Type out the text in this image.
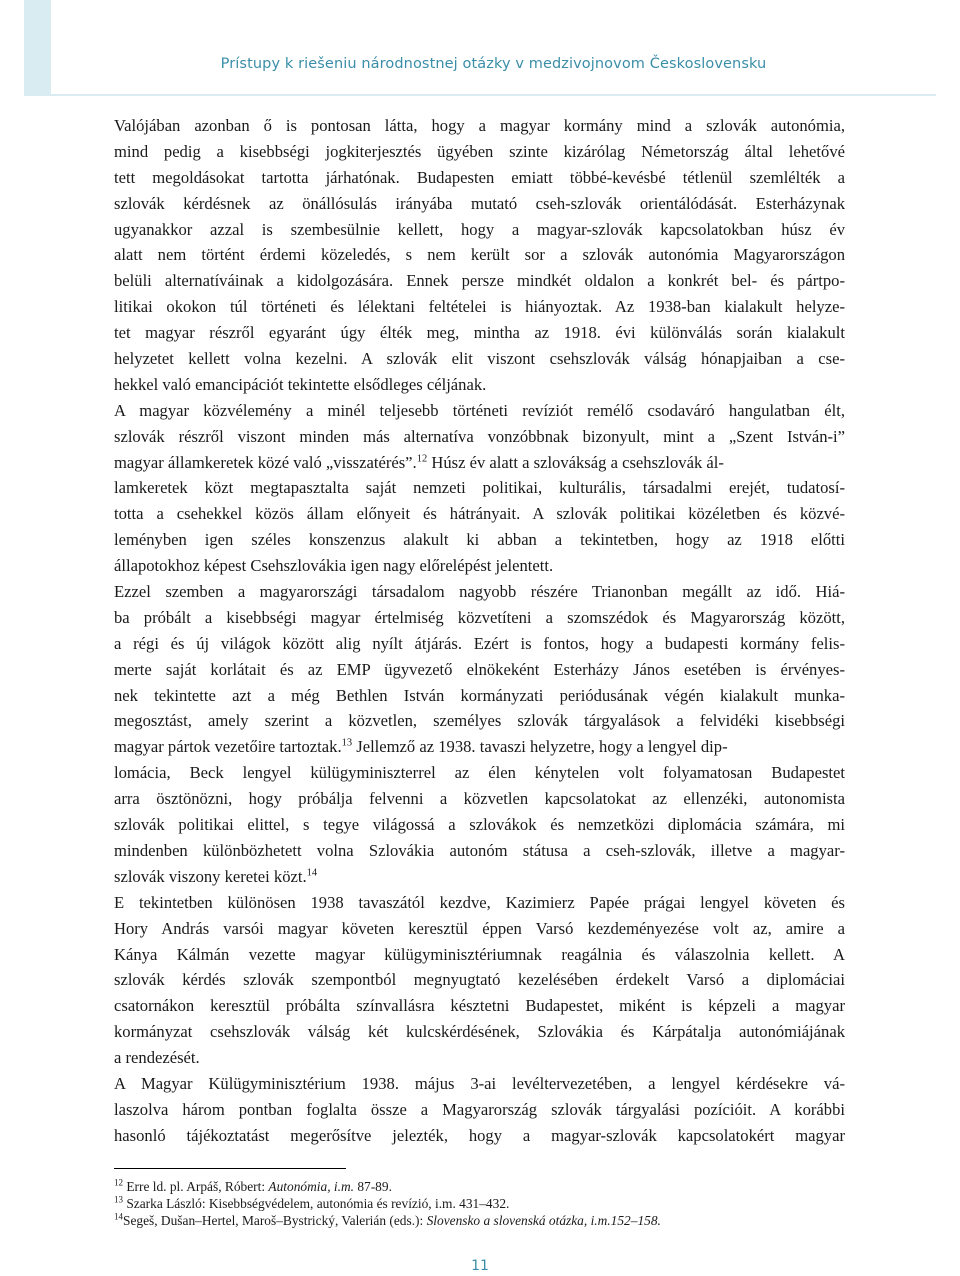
Prístupy k riešeniu národnostnej otázky v medzivojnovom Československu
Valójában azonban ő is pontosan látta, hogy a magyar kormány mind a szlovák autonómia,
mind pedig a kisebbségi jogkiterjesztés ügyében szinte kizárólag Németország által lehetővé
tett megoldásokat tartotta járhatónak. Budapesten emiatt többé-kevésbé tétlenül szemlélték a
szlovák kérdésnek az önállósulás irányába mutató cseh-szlovák orientálódását. Esterházynak
ugyanakkor azzal is szembesülnie kellett, hogy a magyar-szlovák kapcsolatokban húsz év
alatt nem történt érdemi közeledés, s nem került sor a szlovák autonómia Magyarországon
belüli alternatíváinak a kidolgozására. Ennek persze mindkét oldalon a konkrét bel- és pártpo-
litikai okokon túl történeti és lélektani feltételei is hiányoztak. Az 1938-ban kialakult helyze-
tet magyar részről egyaránt úgy élték meg, mintha az 1918. évi különválás során kialakult
helyzetet kellett volna kezelni. A szlovák elit viszont csehszlovák válság hónapjaiban a cse-
hekkel való emancipációt tekintette elsődleges céljának.
A magyar közvélemény a minél teljesebb történeti revíziót remélő csodaváró hangulatban élt,
szlovák részről viszont minden más alternatíva vonzóbbnak bizonyult, mint a „Szent István-i”
magyar államkeretek közé való „visszatérés”.$^{12}$ Húsz év alatt a szlovákság a csehszlovák ál-
lamkeretek közt megtapasztalta saját nemzeti politikai, kulturális, társadalmi erejét, tudatosí-
totta a csehekkel közös állam előnyeit és hátrányait. A szlovák politikai közéletben és közvé-
leményben igen széles konszenzus alakult ki abban a tekintetben, hogy az 1918 előtti
állapotokhoz képest Csehszlovákia igen nagy előrelépést jelentett.
Ezzel szemben a magyarországi társadalom nagyobb részére Trianonban megállt az idő. Hiá-
ba próbált a kisebbségi magyar értelmiség közvetíteni a szomszédok és Magyarország között,
a régi és új világok között alig nyílt átjárás. Ezért is fontos, hogy a budapesti kormány felis-
merte saját korlátait és az EMP ügyvezető elnökeként Esterházy János esetében is érvényes-
nek tekintette azt a még Bethlen István kormányzati periódusának végén kialakult munka-
megosztást, amely szerint a közvetlen, személyes szlovák tárgyalások a felvidéki kisebbségi
magyar pártok vezetőire tartoztak.$^{13}$ Jellemző az 1938. tavaszi helyzetre, hogy a lengyel dip-
lomácia, Beck lengyel külügyminiszterrel az élen kénytelen volt folyamatosan Budapestet
arra ösztönözni, hogy próbálja felvenni a közvetlen kapcsolatokat az ellenzéki, autonomista
szlovák politikai elittel, s tegye világossá a szlovákok és nemzetközi diplomácia számára, mi
mindenben különbözhetett volna Szlovákia autonóm státusa a cseh-szlovák, illetve a magyar-
szlovák viszony keretei közt.$^{14}$
E tekintetben különösen 1938 tavaszától kezdve, Kazimierz Papée prágai lengyel követen és
Hory András varsói magyar követen keresztül éppen Varsó kezdeményezése volt az, amire a
Kánya Kálmán vezette magyar külügyminisztériumnak reagálnia és válaszolnia kellett. A
szlovák kérdés szlovák szempontból megnyugtató kezelésében érdekelt Varsó a diplomáciai
csatornákon keresztül próbálta színvallásra késztetni Budapestet, miként is képzeli a magyar
kormányzat csehszlovák válság két kulcskérdésének, Szlovákia és Kárpátalja autonómiájának
a rendezését.
A Magyar Külügyminisztérium 1938. május 3-ai levéltervezetében, a lengyel kérdésekre vá-
laszolva három pontban foglalta össze a Magyarország szlovák tárgyalási pozícióit. A korábbi
hasonló tájékoztatást megerősítve jelezték, hogy a magyar-szlovák kapcsolatokért magyar
$^{12}$ Erre ld. pl. Arpáš, Róbert: Autonómia, i.m. 87-89.
$^{13}$ Szarka László: Kisebbségvédelem, autonómia és revízió, i.m. 431–432.
$^{14}$Segeš, Dušan–Hertel, Maroš–Bystrický, Valerián (eds.): Slovensko a slovenská otázka, i.m.152–158.
11
